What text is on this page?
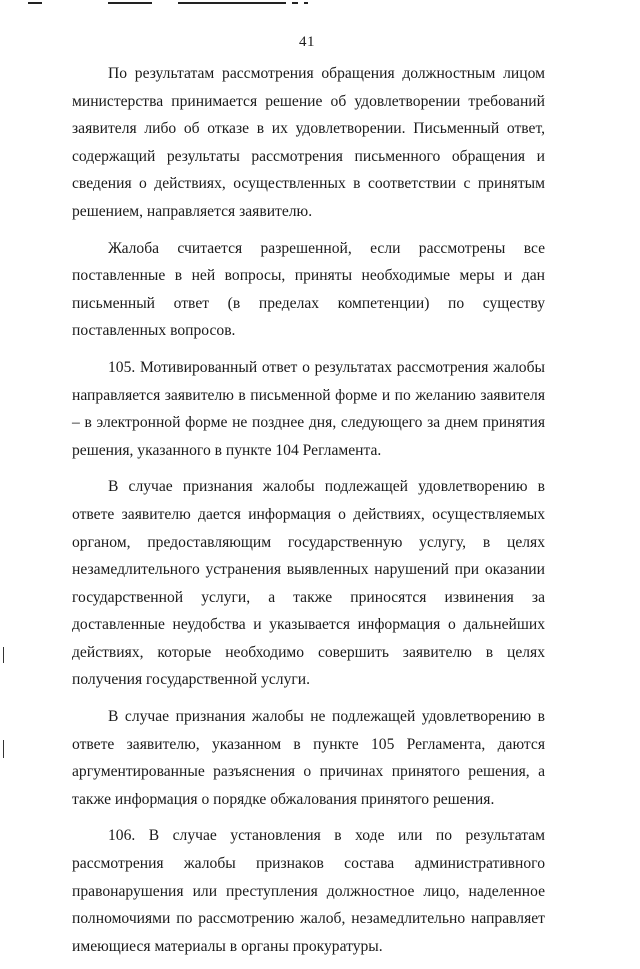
41

По результатам рассмотрения обращения должностным лицом министерства принимается решение об удовлетворении требований заявителя либо об отказе в их удовлетворении. Письменный ответ, содержащий результаты рассмотрения письменного обращения и сведения о действиях, осуществленных в соответствии с принятым решением, направляется заявителю.

Жалоба считается разрешенной, если рассмотрены все поставленные в ней вопросы, приняты необходимые меры и дан письменный ответ (в пределах компетенции) по существу поставленных вопросов.

105. Мотивированный ответ о результатах рассмотрения жалобы направляется заявителю в письменной форме и по желанию заявителя – в электронной форме не позднее дня, следующего за днем принятия решения, указанного в пункте 104 Регламента.

В случае признания жалобы подлежащей удовлетворению в ответе заявителю дается информация о действиях, осуществляемых органом, предоставляющим государственную услугу, в целях незамедлительного устранения выявленных нарушений при оказании государственной услуги, а также приносятся извинения за доставленные неудобства и указывается информация о дальнейших действиях, которые необходимо совершить заявителю в целях получения государственной услуги.

В случае признания жалобы не подлежащей удовлетворению в ответе заявителю, указанном в пункте 105 Регламента, даются аргументированные разъяснения о причинах принятого решения, а также информация о порядке обжалования принятого решения.

106. В случае установления в ходе или по результатам рассмотрения жалобы признаков состава административного правонарушения или преступления должностное лицо, наделенное полномочиями по рассмотрению жалоб, незамедлительно направляет имеющиеся материалы в органы прокуратуры.
